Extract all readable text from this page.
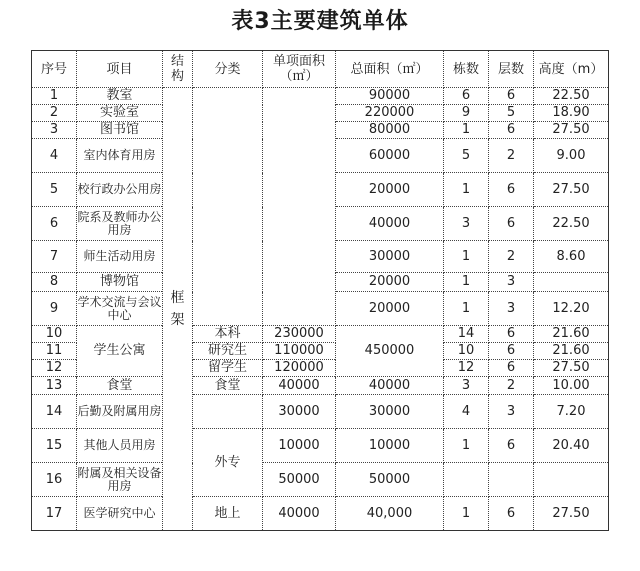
表3主要建筑单体
序号	项目	结构	分类	单项面积（㎡）	总面积（㎡）	栋数	层数	高度（m）
1	教室	框架			90000	6	6	22.50
2	实验室				220000	9	5	18.90
3	图书馆				80000	1	6	27.50
4	室内体育用房				60000	5	2	9.00
5	校行政办公用房				20000	1	6	27.50
6	院系及教师办公用房				40000	3	6	22.50
7	师生活动用房				30000	1	2	8.60
8	博物馆				20000	1	3	
9	学术交流与会议中心				20000	1	3	12.20
10	学生公寓		本科	230000	450000	14	6	21.60
11			研究生	110000		10	6	21.60
12			留学生	120000		12	6	27.50
13	食堂		食堂	40000	40000	3	2	10.00
14	后勤及附属用房			30000	30000	4	3	7.20
15	其他人员用房		外专	10000	10000	1	6	20.40
16	附属及相关设备用房			50000	50000			
17	医学研究中心		地上	40000	40,000	1	6	27.50
